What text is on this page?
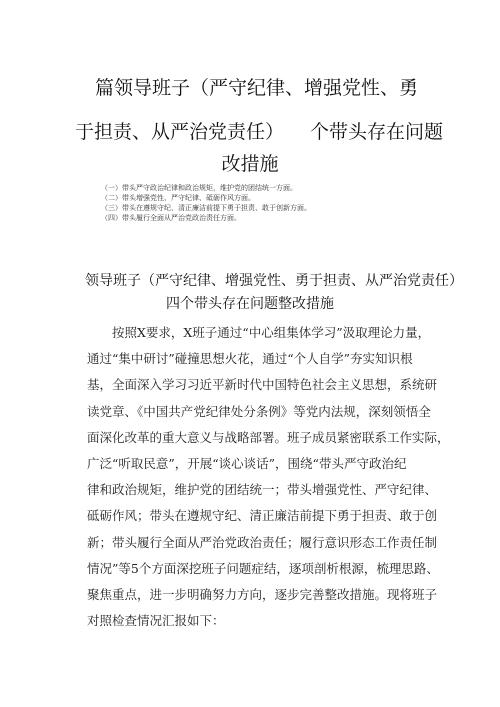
篇领导班子（严守纪律、增强党性、勇
于担责、从严治党责任） 个带头存在问题
改措施
（一）带头严守政治纪律和政治规矩，维护党的团结统一方面。
（二）带头增强党性、严守纪律、砥砺作风方面。
（三）带头在遵规守纪、清正廉洁前提下勇于担责、敢于创新方面。
（四）带头履行全面从严治党政治责任方面。
领导班子（严守纪律、增强党性、勇于担责、从严治党责任）
四个带头存在问题整改措施
按照X要求，X班子通过“中心组集体学习”汲取理论力量，
通过“集中研讨”碰撞思想火花，通过“个人自学”夯实知识根
基，全面深入学习习近平新时代中国特色社会主义思想，系统研
读党章、《中国共产党纪律处分条例》等党内法规，深刻领悟全
面深化改革的重大意义与战略部署。班子成员紧密联系工作实际，
广泛“听取民意”，开展“谈心谈话”，围绕“带头严守政治纪
律和政治规矩，维护党的团结统一；带头增强党性、严守纪律、
砥砺作风；带头在遵规守纪、清正廉洁前提下勇于担责、敢于创
新；带头履行全面从严治党政治责任；履行意识形态工作责任制
情况”等5个方面深挖班子问题症结，逐项剖析根源，梳理思路、
聚焦重点，进一步明确努力方向，逐步完善整改措施。现将班子
对照检查情况汇报如下：
